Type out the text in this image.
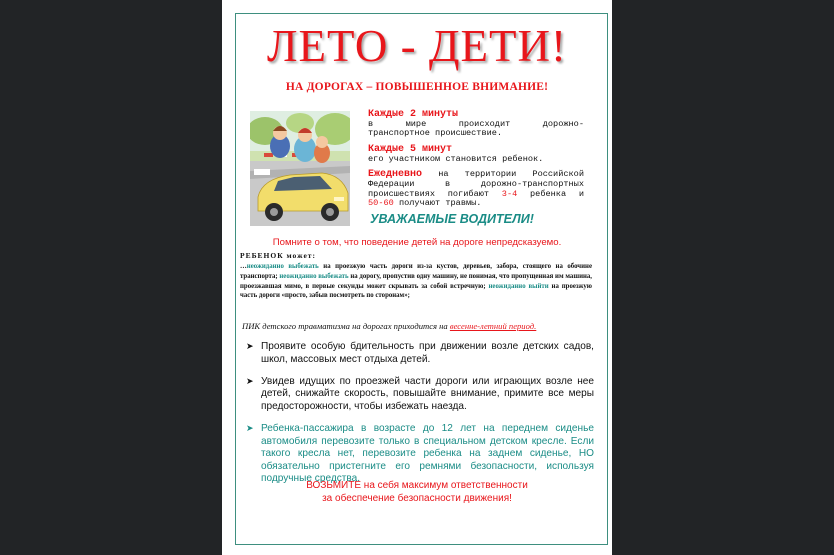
ЛЕТО - ДЕТИ!
НА ДОРОГАХ – ПОВЫШЕННОЕ ВНИМАНИЕ!
Каждые 2 минуты
в мире происходит дорожно-
транспортное происшествие.
Каждые 5 минут
его участником становится ребенок.
Ежедневно на территории Российской
Федерации в дорожно-транспортных
происшествиях погибают 3-4 ребенка и
50-60 получают травмы.
УВАЖАЕМЫЕ ВОДИТЕЛИ!
Помните о том, что поведение детей на дороге непредсказуемо.
РЕБЕНОК может:
…неожиданно выбежать на проезжую часть дороги из-за кустов, деревьев, забора, стоящего на обочине транспорта; неожиданно выбежать на дорогу, пропустив одну машину, не понимая, что пропущенная им машина, проезжавшая мимо, в первые секунды может скрывать за собой встречную; неожиданно выйти на проезжую часть дороги «просто, забыв посмотреть по сторонам»;
ПИК детского травматизма на дорогах приходится на весенне-летний период.
➤ Проявите особую бдительность при движении возле детских садов, школ, массовых мест отдыха детей.
➤ Увидев идущих по проезжей части дороги или играющих возле нее детей, снижайте скорость, повышайте внимание, примите все меры предосторожности, чтобы избежать наезда.
➤ Ребенка-пассажира в возрасте до 12 лет на переднем сиденье автомобиля перевозите только в специальном детском кресле. Если такого кресла нет, перевозите ребенка на заднем сиденье, НО обязательно пристегните его ремнями безопасности, используя подручные средства.
ВОЗЬМИТЕ на себя максимум ответственности
за обеспечение безопасности движения!
